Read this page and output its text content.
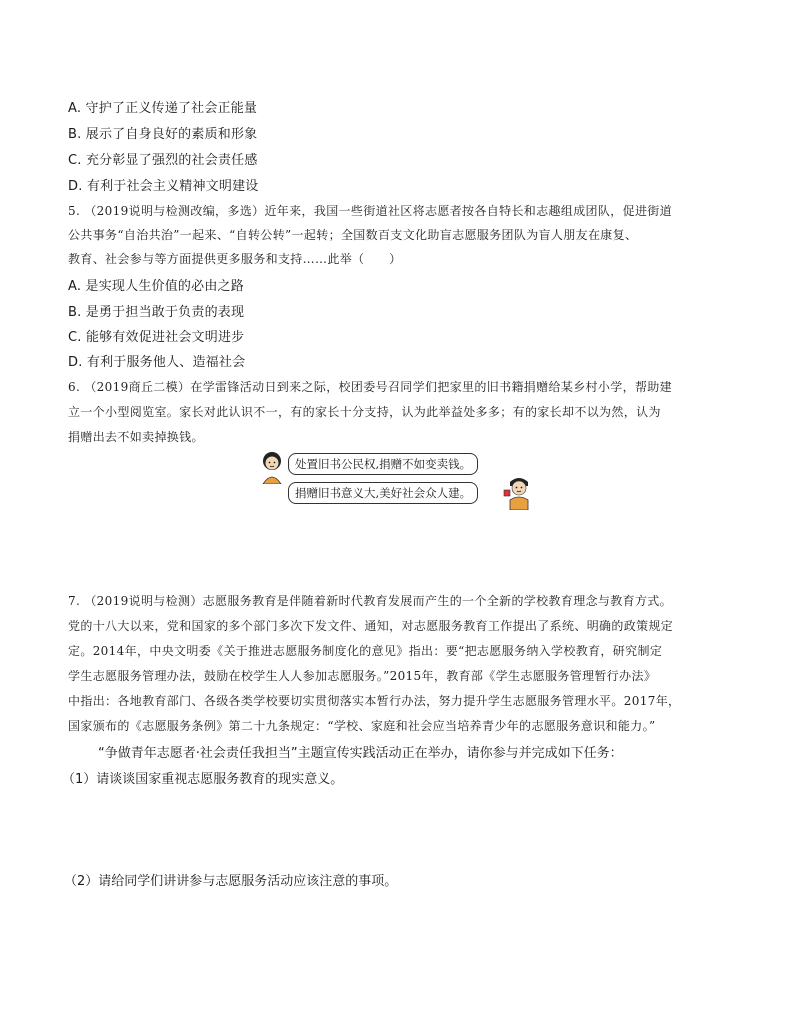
A. 守护了正义传递了社会正能量
B. 展示了自身良好的素质和形象
C. 充分彰显了强烈的社会责任感
D. 有利于社会主义精神文明建设
5. （2019说明与检测改编，多选）近年来，我国一些街道社区将志愿者按各自特长和志趣组成团队，促进街道
公共事务“自治共治”一起来、“自转公转”一起转；全国数百支文化助盲志愿服务团队为盲人朋友在康复、
教育、社会参与等方面提供更多服务和支持……此举（　　）
A. 是实现人生价值的必由之路
B. 是勇于担当敢于负责的表现
C. 能够有效促进社会文明进步
D. 有利于服务他人、造福社会
6. （2019商丘二模）在学雷锋活动日到来之际，校团委号召同学们把家里的旧书籍捐赠给某乡村小学，帮助建
立一个小型阅览室。家长对此认识不一，有的家长十分支持，认为此举益处多多；有的家长却不以为然，认为
捐赠出去不如卖掉换钱。
处置旧书公民权,捐赠不如变卖钱。
捐赠旧书意义大,美好社会众人建。
7. （2019说明与检测）志愿服务教育是伴随着新时代教育发展而产生的一个全新的学校教育理念与教育方式。
党的十八大以来，党和国家的多个部门多次下发文件、通知，对志愿服务教育工作提出了系统、明确的政策规定
定。2014年，中央文明委《关于推进志愿服务制度化的意见》指出：要“把志愿服务纳入学校教育，研究制定
学生志愿服务管理办法，鼓励在校学生人人参加志愿服务。”2015年，教育部《学生志愿服务管理暂行办法》
中指出：各地教育部门、各级各类学校要切实贯彻落实本暂行办法，努力提升学生志愿服务管理水平。2017年，
国家颁布的《志愿服务条例》第二十九条规定：“学校、家庭和社会应当培养青少年的志愿服务意识和能力。”
“争做青年志愿者·社会责任我担当”主题宣传实践活动正在举办，请你参与并完成如下任务：
（1）请谈谈国家重视志愿服务教育的现实意义。
（2）请给同学们讲讲参与志愿服务活动应该注意的事项。
